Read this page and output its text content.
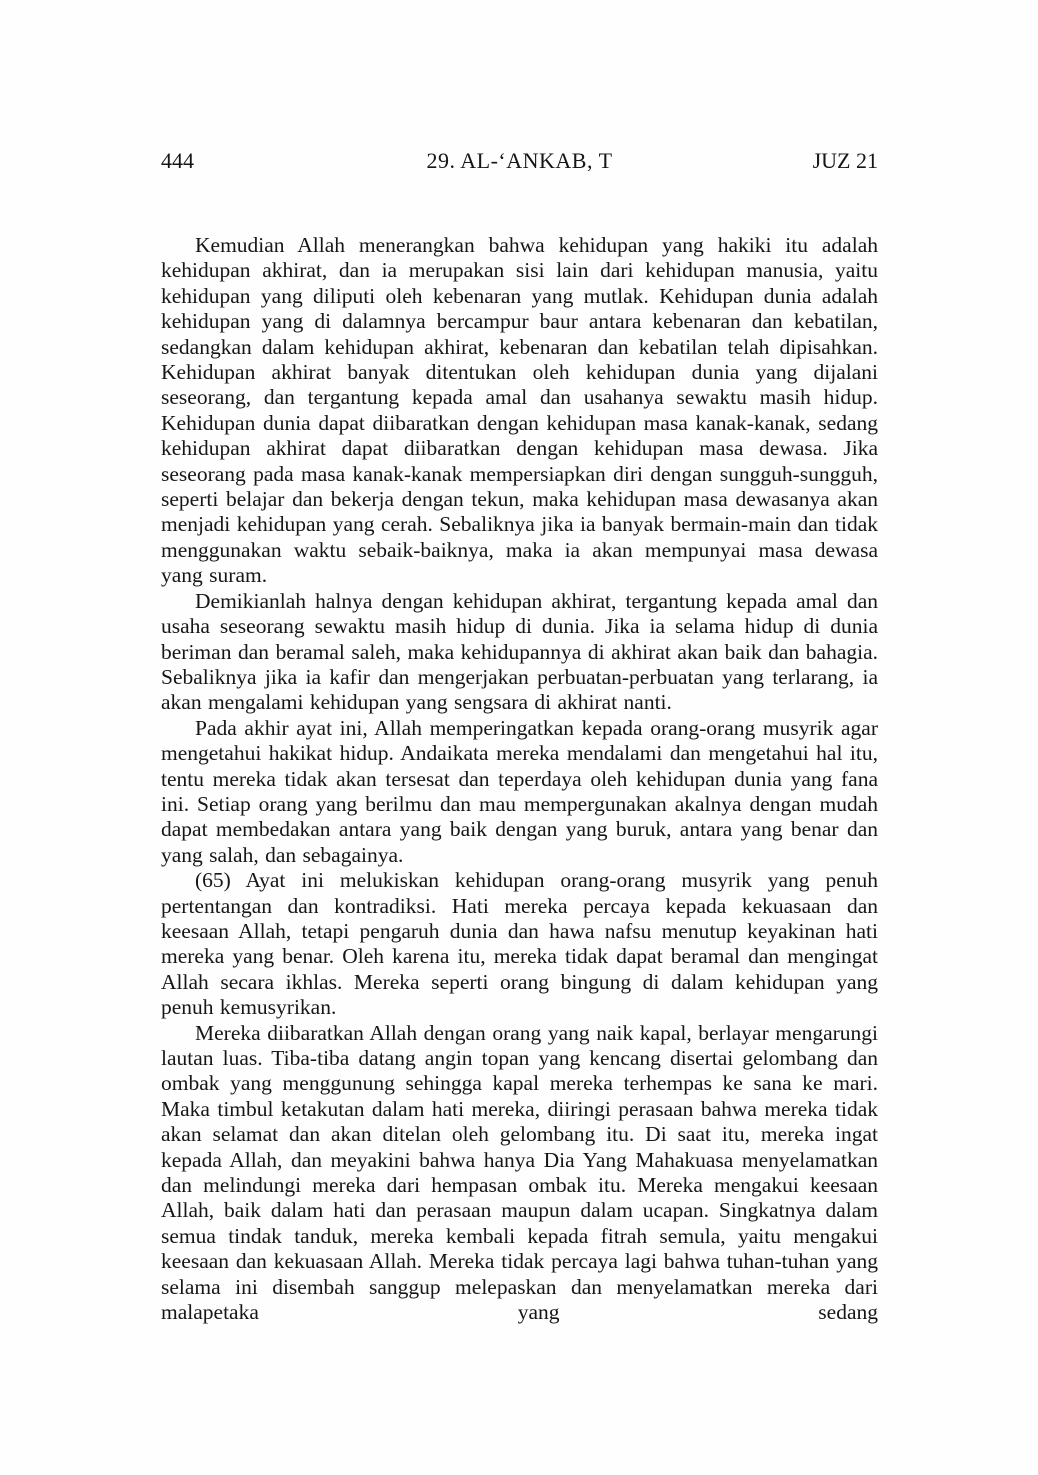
444	29. AL-‘ANKAB, T	JUZ 21

Kemudian Allah menerangkan bahwa kehidupan yang hakiki itu adalah kehidupan akhirat, dan ia merupakan sisi lain dari kehidupan manusia, yaitu kehidupan yang diliputi oleh kebenaran yang mutlak. Kehidupan dunia adalah kehidupan yang di dalamnya bercampur baur antara kebenaran dan kebatilan, sedangkan dalam kehidupan akhirat, kebenaran dan kebatilan telah dipisahkan. Kehidupan akhirat banyak ditentukan oleh kehidupan dunia yang dijalani seseorang, dan tergantung kepada amal dan usahanya sewaktu masih hidup. Kehidupan dunia dapat diibaratkan dengan kehidupan masa kanak-kanak, sedang kehidupan akhirat dapat diibaratkan dengan kehidupan masa dewasa. Jika seseorang pada masa kanak-kanak mempersiapkan diri dengan sungguh-sungguh, seperti belajar dan bekerja dengan tekun, maka kehidupan masa dewasanya akan menjadi kehidupan yang cerah. Sebaliknya jika ia banyak bermain-main dan tidak menggunakan waktu sebaik-baiknya, maka ia akan mempunyai masa dewasa yang suram.

Demikianlah halnya dengan kehidupan akhirat, tergantung kepada amal dan usaha seseorang sewaktu masih hidup di dunia. Jika ia selama hidup di dunia beriman dan beramal saleh, maka kehidupannya di akhirat akan baik dan bahagia. Sebaliknya jika ia kafir dan mengerjakan perbuatan-perbuatan yang terlarang, ia akan mengalami kehidupan yang sengsara di akhirat nanti.

Pada akhir ayat ini, Allah memperingatkan kepada orang-orang musyrik agar mengetahui hakikat hidup. Andaikata mereka mendalami dan mengetahui hal itu, tentu mereka tidak akan tersesat dan teperdaya oleh kehidupan dunia yang fana ini. Setiap orang yang berilmu dan mau mempergunakan akalnya dengan mudah dapat membedakan antara yang baik dengan yang buruk, antara yang benar dan yang salah, dan sebagainya.

(65) Ayat ini melukiskan kehidupan orang-orang musyrik yang penuh pertentangan dan kontradiksi. Hati mereka percaya kepada kekuasaan dan keesaan Allah, tetapi pengaruh dunia dan hawa nafsu menutup keyakinan hati mereka yang benar. Oleh karena itu, mereka tidak dapat beramal dan mengingat Allah secara ikhlas. Mereka seperti orang bingung di dalam kehidupan yang penuh kemusyrikan.

Mereka diibaratkan Allah dengan orang yang naik kapal, berlayar mengarungi lautan luas. Tiba-tiba datang angin topan yang kencang disertai gelombang dan ombak yang menggunung sehingga kapal mereka terhempas ke sana ke mari. Maka timbul ketakutan dalam hati mereka, diiringi perasaan bahwa mereka tidak akan selamat dan akan ditelan oleh gelombang itu. Di saat itu, mereka ingat kepada Allah, dan meyakini bahwa hanya Dia Yang Mahakuasa menyelamatkan dan melindungi mereka dari hempasan ombak itu. Mereka mengakui keesaan Allah, baik dalam hati dan perasaan maupun dalam ucapan. Singkatnya dalam semua tindak tanduk, mereka kembali kepada fitrah semula, yaitu mengakui keesaan dan kekuasaan Allah. Mereka tidak percaya lagi bahwa tuhan-tuhan yang selama ini disembah sanggup melepaskan dan menyelamatkan mereka dari malapetaka yang sedang
